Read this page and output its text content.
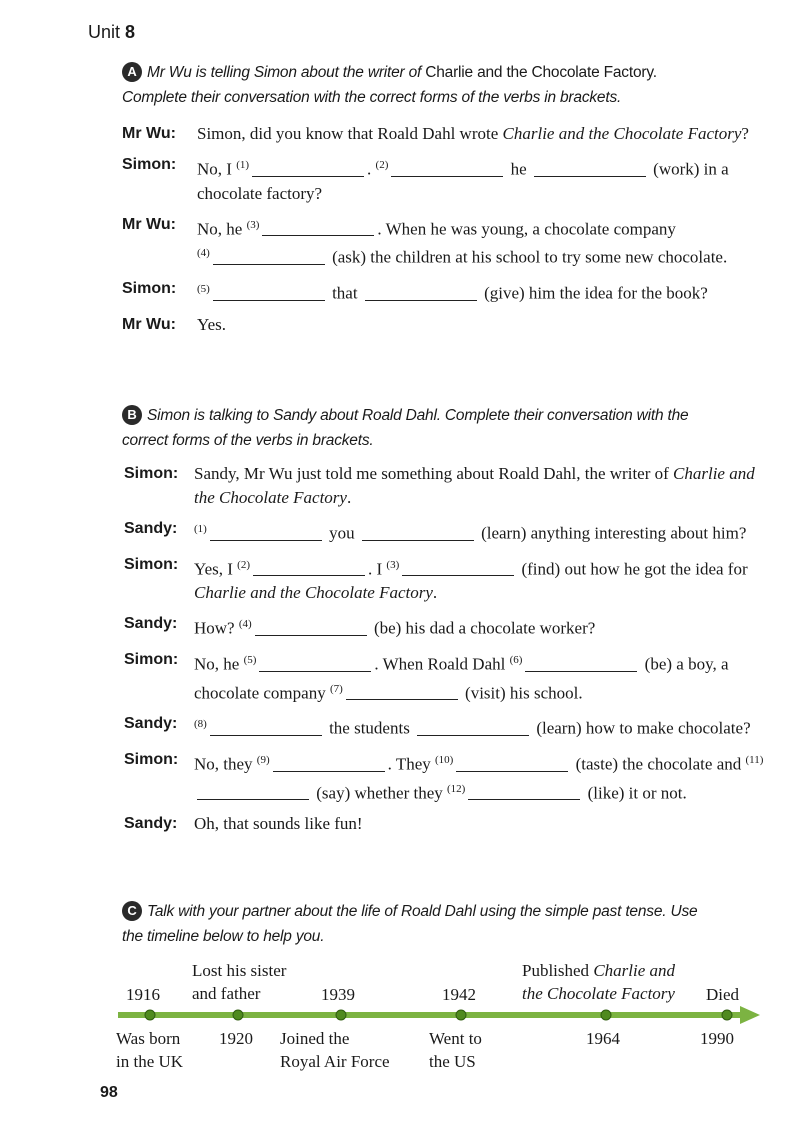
Unit 8
A Mr Wu is telling Simon about the writer of Charlie and the Chocolate Factory.
Complete their conversation with the correct forms of the verbs in brackets.
Mr Wu: Simon, did you know that Roald Dahl wrote Charlie and the Chocolate Factory?
Simon: No, I $^{(1)}$	. $^{(2)}$	he	(work) in a chocolate factory?
Mr Wu: No, he $^{(3)}$	. When he was young, a chocolate company
$^{(4)}$	(ask) the children at his school to try some new chocolate.
Simon: $^{(5)}$	that	(give) him the idea for the book?
Mr Wu: Yes.
B Simon is talking to Sandy about Roald Dahl. Complete their conversation with the
correct forms of the verbs in brackets.
Simon: Sandy, Mr Wu just told me something about Roald Dahl, the writer of Charlie and the Chocolate Factory.
Sandy: $^{(1)}$	you	(learn) anything interesting about him?
Simon: Yes, I $^{(2)}$	. I $^{(3)}$	(find) out how he got the idea for Charlie and the Chocolate Factory.
Sandy: How? $^{(4)}$	(be) his dad a chocolate worker?
Simon: No, he $^{(5)}$	. When Roald Dahl $^{(6)}$	(be) a boy, a chocolate company $^{(7)}$	(visit) his school.
Sandy: $^{(8)}$	the students	(learn) how to make chocolate?
Simon: No, they $^{(9)}$	. They $^{(10)}$	(taste) the chocolate and $^{(11)}$ (say) whether they $^{(12)}$	(like) it or not.
Sandy: Oh, that sounds like fun!
C Talk with your partner about the life of Roald Dahl using the simple past tense. Use
the timeline below to help you.
1916
Lost his sister
and father	1939	1942
Published Charlie and
the Chocolate Factory Died
Was born
in the UK
1920 Joined the
Royal Air Force
Went to
the US
1964	1990
98
